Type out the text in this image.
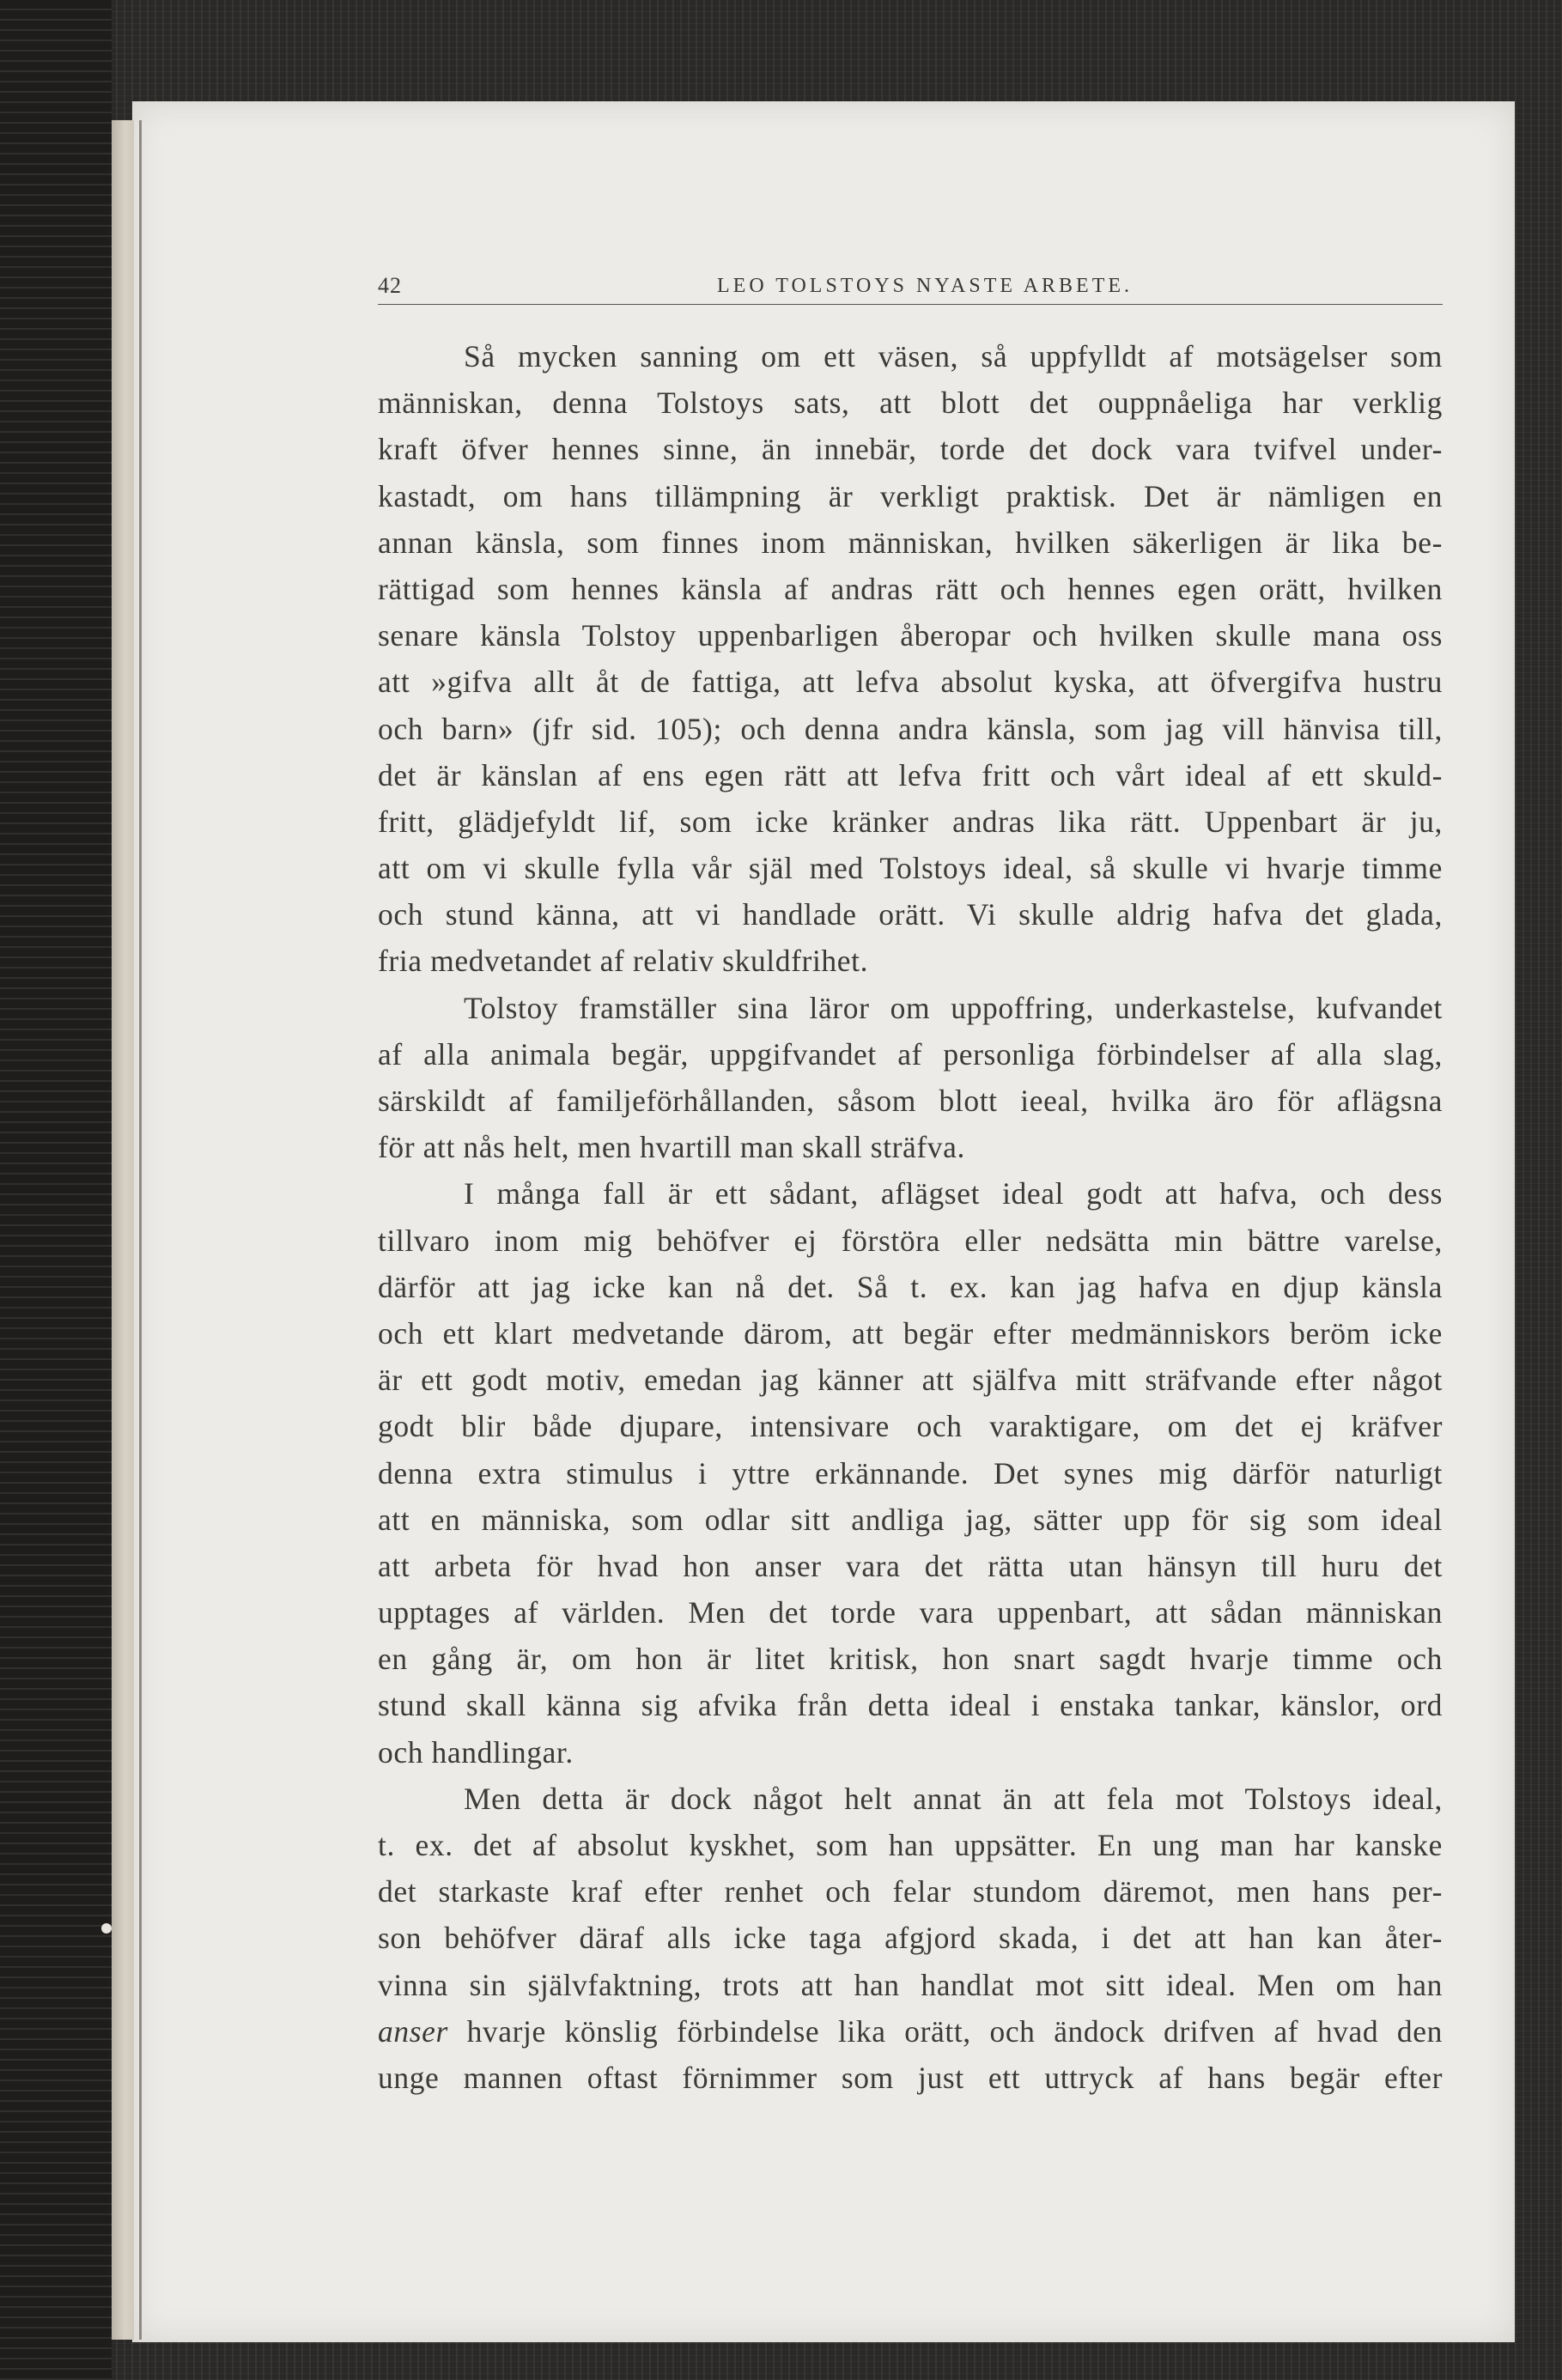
42	LEO TOLSTOYS NYASTE ARBETE.
Så mycken sanning om ett väsen, så uppfylldt af motsägelser som
människan, denna Tolstoys sats, att blott det ouppnåeliga har verklig
kraft öfver hennes sinne, än innebär, torde det dock vara tvifvel under-
kastadt, om hans tillämpning är verkligt praktisk. Det är nämligen en
annan känsla, som finnes inom människan, hvilken säkerligen är lika be-
rättigad som hennes känsla af andras rätt och hennes egen orätt, hvilken
senare känsla Tolstoy uppenbarligen åberopar och hvilken skulle mana oss
att »gifva allt åt de fattiga, att lefva absolut kyska, att öfvergifva hustru
och barn» (jfr sid. 105); och denna andra känsla, som jag vill hänvisa till,
det är känslan af ens egen rätt att lefva fritt och vårt ideal af ett skuld-
fritt, glädjefyldt lif, som icke kränker andras lika rätt. Uppenbart är ju,
att om vi skulle fylla vår själ med Tolstoys ideal, så skulle vi hvarje timme
och stund känna, att vi handlade orätt. Vi skulle aldrig hafva det glada,
fria medvetandet af relativ skuldfrihet.
Tolstoy framställer sina läror om uppoffring, underkastelse, kufvandet
af alla animala begär, uppgifvandet af personliga förbindelser af alla slag,
särskildt af familjeförhållanden, såsom blott ieeal, hvilka äro för aflägsna
för att nås helt, men hvartill man skall sträfva.
I många fall är ett sådant, aflägset ideal godt att hafva, och dess
tillvaro inom mig behöfver ej förstöra eller nedsätta min bättre varelse,
därför att jag icke kan nå det. Så t. ex. kan jag hafva en djup känsla
och ett klart medvetande därom, att begär efter medmänniskors beröm icke
är ett godt motiv, emedan jag känner att själfva mitt sträfvande efter något
godt blir både djupare, intensivare och varaktigare, om det ej kräfver
denna extra stimulus i yttre erkännande. Det synes mig därför naturligt
att en människa, som odlar sitt andliga jag, sätter upp för sig som ideal
att arbeta för hvad hon anser vara det rätta utan hänsyn till huru det
upptages af världen. Men det torde vara uppenbart, att sådan människan
en gång är, om hon är litet kritisk, hon snart sagdt hvarje timme och
stund skall känna sig afvika från detta ideal i enstaka tankar, känslor, ord
och handlingar.
Men detta är dock något helt annat än att fela mot Tolstoys ideal,
t. ex. det af absolut kyskhet, som han uppsätter. En ung man har kanske
det starkaste kraf efter renhet och felar stundom däremot, men hans per-
son behöfver däraf alls icke taga afgjord skada, i det att han kan åter-
vinna sin självfaktning, trots att han handlat mot sitt ideal. Men om han
anser hvarje könslig förbindelse lika orätt, och ändock drifven af hvad den
unge mannen oftast förnimmer som just ett uttryck af hans begär efter
